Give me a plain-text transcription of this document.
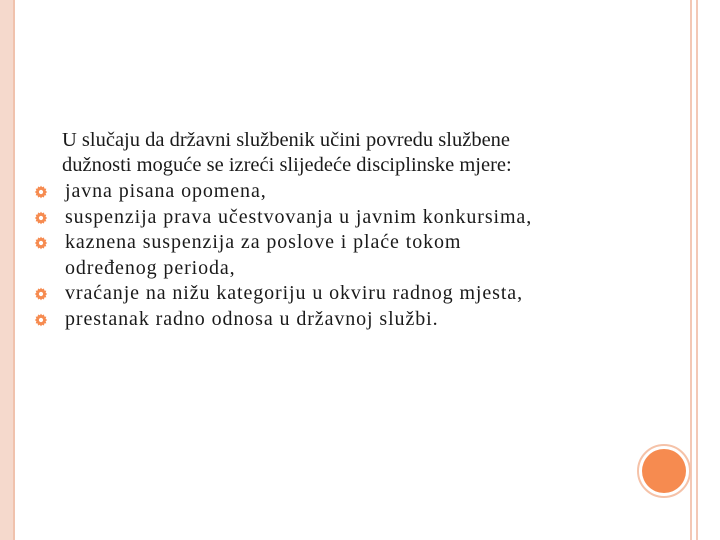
U slučaju da državni službenik učini povredu službene
dužnosti moguće se izreći slijedeće disciplinske mjere:

javna pisana opomena,
suspenzija prava učestvovanja u javnim konkursima,
kaznena suspenzija za poslove i plaće tokom
određenog perioda,
vraćanje na nižu kategoriju u okviru radnog mjesta,
prestanak radno odnosa u državnoj službi.
